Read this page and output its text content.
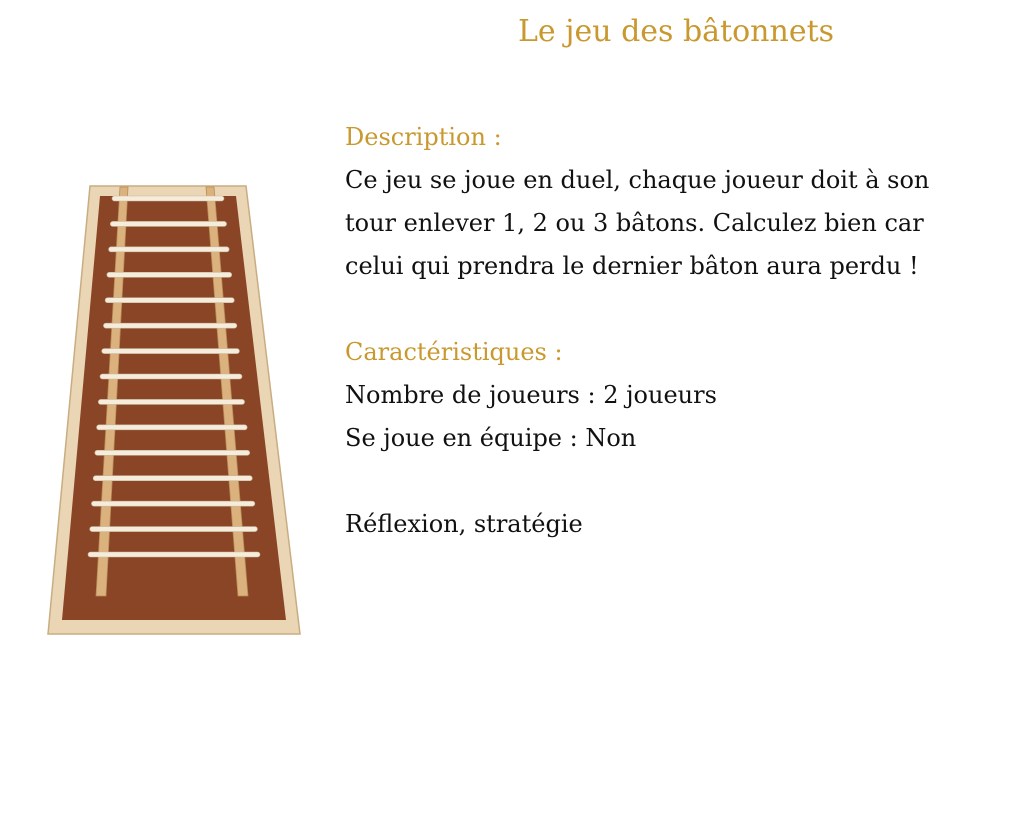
Le jeu des bâtonnets

Description :

Ce jeu se joue en duel, chaque joueur doit à son

tour enlever 1, 2 ou 3 bâtons. Calculez bien car

celui qui prendra le dernier bâton aura perdu !

Caractéristiques :

Nombre de joueurs : 2 joueurs

Se joue en équipe : Non

Réflexion, stratégie
